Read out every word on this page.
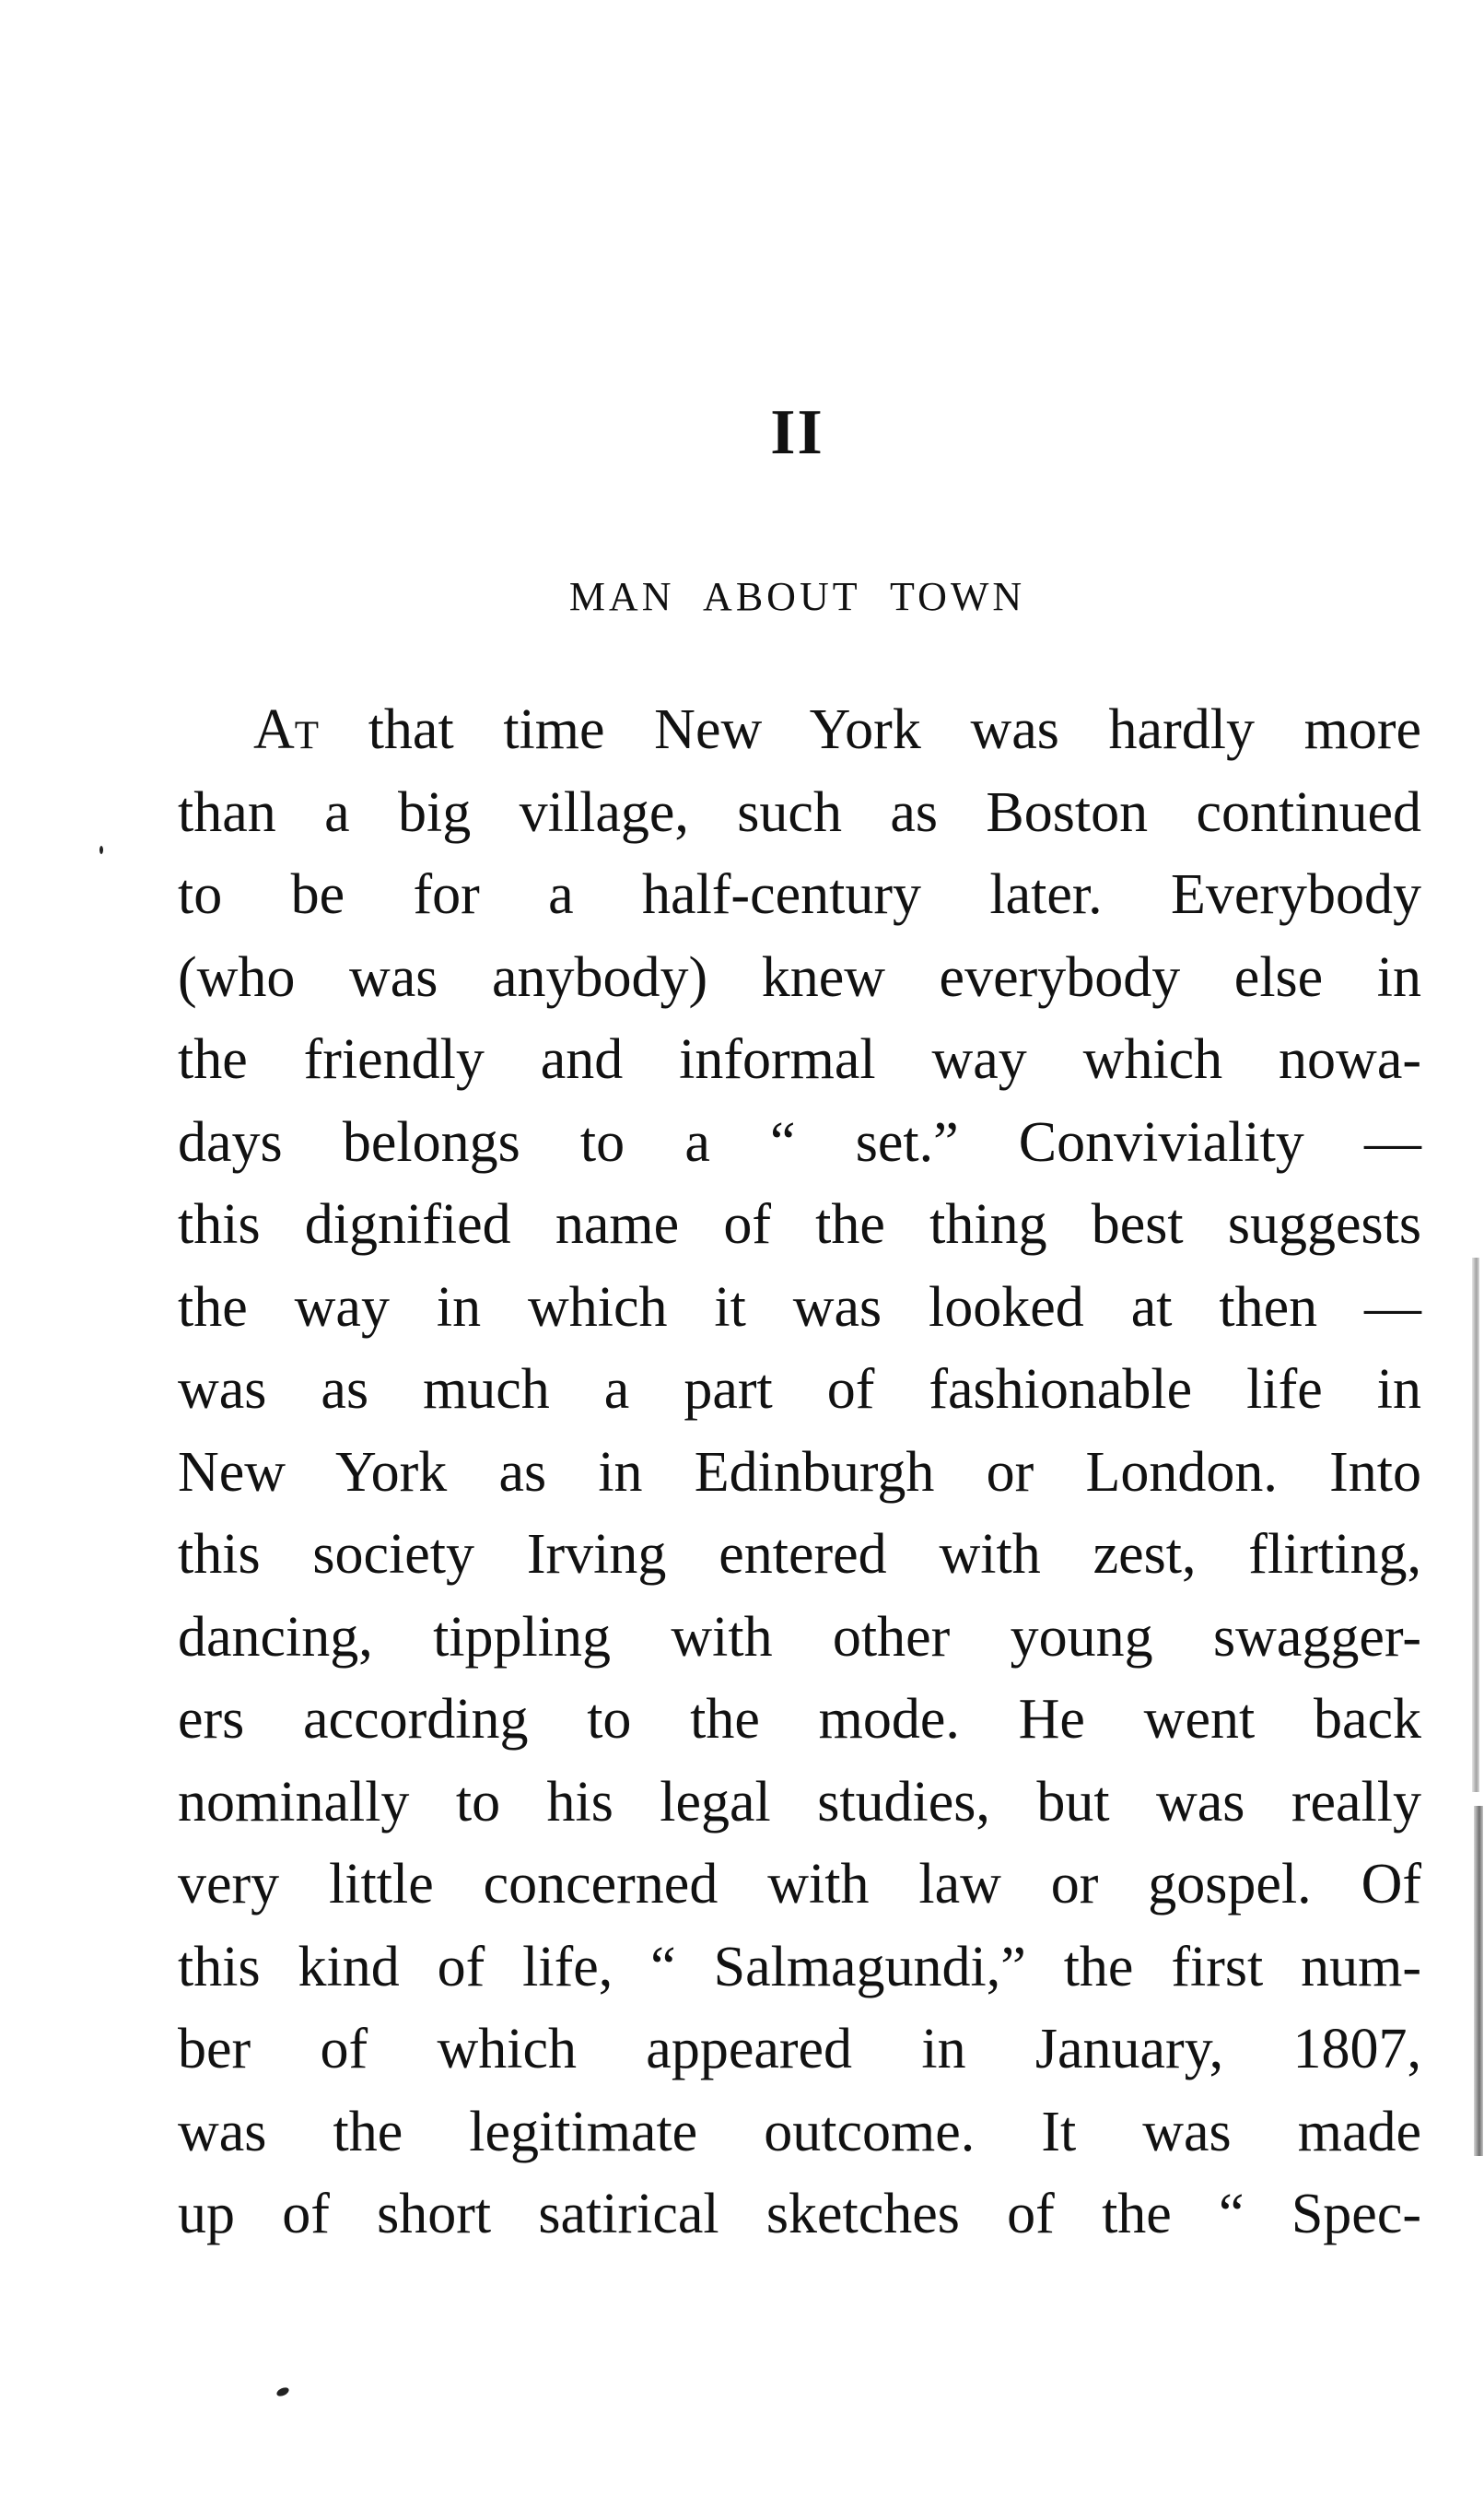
II
MAN ABOUT TOWN
At that time New York was hardly more
than a big village, such as Boston continued
to be for a half-century later. Everybody
(who was anybody) knew everybody else in
the friendly and informal way which nowa-
days belongs to a “ set.” Conviviality —
this dignified name of the thing best suggests
the way in which it was looked at then —
was as much a part of fashionable life in
New York as in Edinburgh or London. Into
this society Irving entered with zest, flirting,
dancing, tippling with other young swagger-
ers according to the mode. He went back
nominally to his legal studies, but was really
very little concerned with law or gospel. Of
this kind of life, “ Salmagundi,” the first num-
ber of which appeared in January, 1807,
was the legitimate outcome. It was made
up of short satirical sketches of the “ Spec-
